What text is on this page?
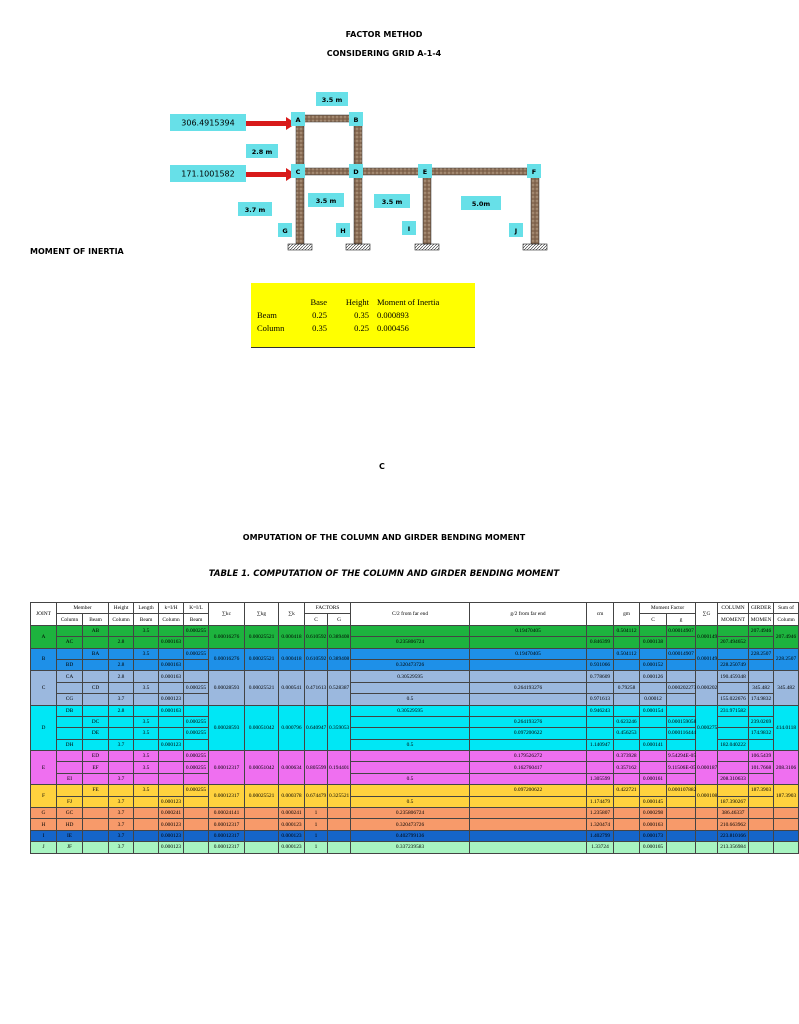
FACTOR METHOD
CONSIDERING GRID A-1-4
306.4915394
171.1001582
3.5 m
2.8 m
3.5 m	3.5 m	5.0m
3.7 m
A	B
C	D	E	F
G	H	I	J
MOMENT OF INERTIA
	Base	Height	Moment of Inertia
Beam	0.25	0.35	0.000893
Column	0.35	0.25	0.000456
C
OMPUTATION OF THE COLUMN AND GIRDER BENDING MOMENT
TABLE 1. COMPUTATION OF THE COLUMN AND GIRDER BENDING MOMENT
JOINT	Member		Height	Length	k=I/H	K=I/L	∑kc	∑kg	∑k	FACTORS		C/2 from far end	g/2 from far end	cm	gm	Moment Factor		∑G	COLUMN	GIRDER	Sum of
	Column	Beam	Column	Beam	Column	Beam				C	G					C	g		MOMENT	MOMEN	Column
A		AB		3.5		0.000255	0.00016276	0.00025521	0.000418	0.610592	0.389408		0.19470405		0.504112		0.00014907	0.000149		207.4946	207.4946
	AC		2.8		0.000163							0.235806724		0.846399		0.000138			207.494652		
B		BA		3.5		0.000255	0.00016276	0.00025521	0.000418	0.610592	0.389408		0.19470405		0.504112		0.00014907	0.000149		228.2507	228.2507
	BD		2.8		0.000163							0.320473726		0.931066		0.000152			228.250749		
C	CA		2.8		0.000163		0.00028593	0.00025521	0.000541	0.471613	0.528387	0.30529595		0.778609		0.000126		0.000202	190.459348		345.482
		CD		3.5		0.000255							0.264193276		0.79258		0.000202273			345.482	
	CG		3.7		0.000123							0.5		0.971613		0.00012			155.022676	174.9832	
D	DB		2.8		0.000163		0.00028593	0.00051042	0.000796	0.640947	0.359053	0.30529595		0.946243		0.000154		0.000275	231.971582		414.0118
		DC		3.5		0.000255							0.264193276		0.623246		0.000159058			239.0269	
		DE		3.5		0.000255							0.097200622		0.456253		0.000116444			174.9832	
	DH		3.7		0.000123							0.5		1.140947		0.000141			182.040222		
E		ED		3.5		0.000255	0.00012317	0.00051042	0.000634	0.805599	0.194401		0.179526272		0.373928		9.54294E-05	0.000187		106.5439	208.3106
		EF		3.5		0.000255							0.162760417		0.357162		9.11506E-05			101.7668	
	EI		3.7									0.5		1.305599		0.000161			208.310633		
F		FE		3.5		0.000255	0.00012317	0.00025521	0.000378	0.674479	0.325521		0.097200622		0.422721		0.000107882	0.000108		187.3903	187.3903
	FJ		3.7		0.000123							0.5		1.174479		0.000145			187.390267		
G	GC		3.7		0.000241		0.00024141		0.000241	1		0.235806724		1.235807		0.000298			386.46337		
H	HD		3.7		0.000123		0.00012317		0.000123	1		0.320473726		1.320474		0.000163			210.663962		
I	IE		3.7		0.000123		0.00012317		0.000123	1		0.402799136		1.402799		0.000173			223.810166		
J	JF		3.7		0.000123		0.00012317		0.000123	1		0.337239583		1.33724		0.000165			213.356984		
